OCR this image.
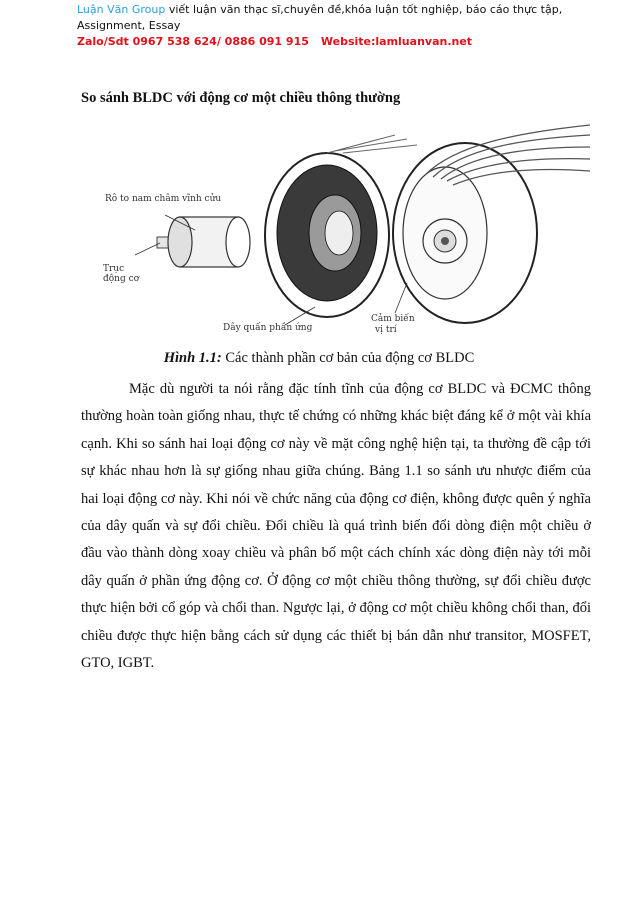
Luận Văn Group viết luận văn thạc sĩ,chuyên đề,khóa luận tốt nghiệp, báo cáo thực tập,
Assignment, Essay
Zalo/Sdt 0967 538 624/ 0886 091 915 Website:lamluanvan.net
So sánh BLDC với động cơ một chiều thông thường
Rô to nam châm vĩnh cửu
Trục
động cơ
Dây quấn phần ứng
Cảm biến
vị trí
Hình 1.1: Các thành phần cơ bản của động cơ BLDC

Mặc dù người ta nói rằng đặc tính tĩnh của động cơ BLDC và ĐCMC thông thường hoàn toàn giống nhau, thực tế chứng có những khác biệt đáng kể ở một vài khía cạnh. Khi so sánh hai loại động cơ này về mặt công nghệ hiện tại, ta thường đề cập tới sự khác nhau hơn là sự giống nhau giữa chúng. Bảng 1.1 so sánh ưu nhược điểm của hai loại động cơ này. Khi nói về chức năng của động cơ điện, không được quên ý nghĩa của dây quấn và sự đổi chiều. Đổi chiều là quá trình biến đổi dòng điện một chiều ở đầu vào thành dòng xoay chiều và phân bố một cách chính xác dòng điện này tới mỗi dây quấn ở phần ứng động cơ. Ở động cơ một chiều thông thường, sự đổi chiều được thực hiện bởi cổ góp và chổi than. Ngược lại, ở động cơ một chiều không chổi than, đổi chiều được thực hiện bằng cách sử dụng các thiết bị bán dẫn như transitor, MOSFET, GTO, IGBT.
